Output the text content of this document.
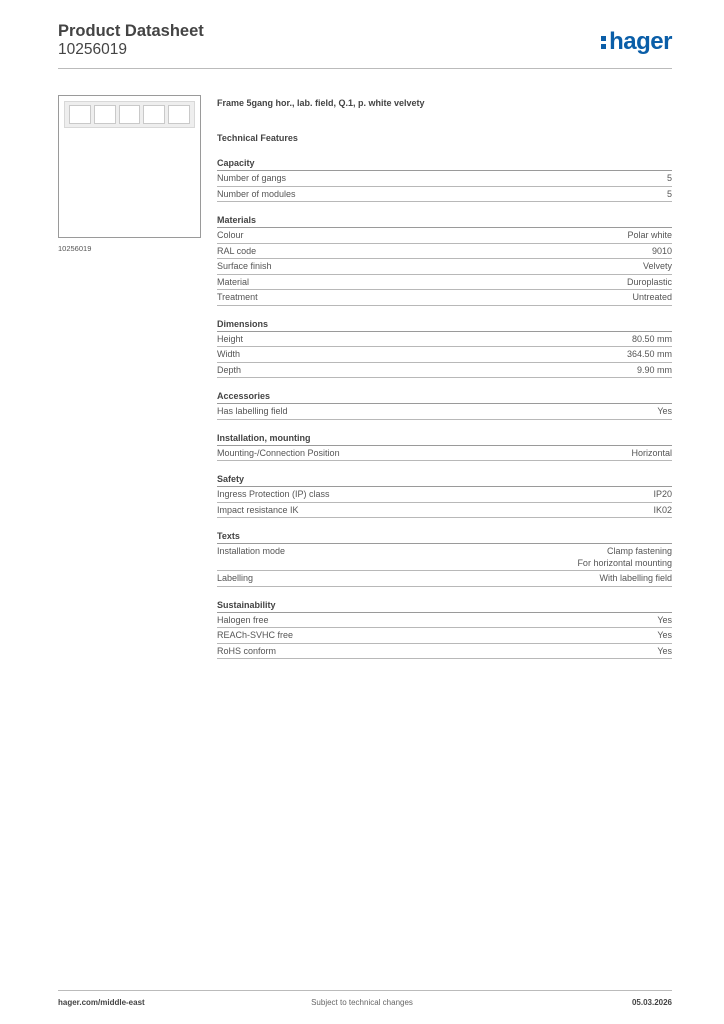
Product Datasheet
10256019	hager
10256019
Frame 5gang hor., lab. field, Q.1, p. white velvety
Technical Features
Capacity
Number of gangs	5
Number of modules	5
Materials
Colour	Polar white
RAL code	9010
Surface finish	Velvety
Material	Duroplastic
Treatment	Untreated
Dimensions
Height	80.50 mm
Width	364.50 mm
Depth	9.90 mm
Accessories
Has labelling field	Yes
Installation, mounting
Mounting-/Connection Position	Horizontal
Safety
Ingress Protection (IP) class	IP20
Impact resistance IK	IK02
Texts
Installation mode	Clamp fastening
For horizontal mounting
Labelling	With labelling field
Sustainability
Halogen free	Yes
REACh-SVHC free	Yes
RoHS conform	Yes
hager.com/middle-east	Subject to technical changes	05.03.2026
